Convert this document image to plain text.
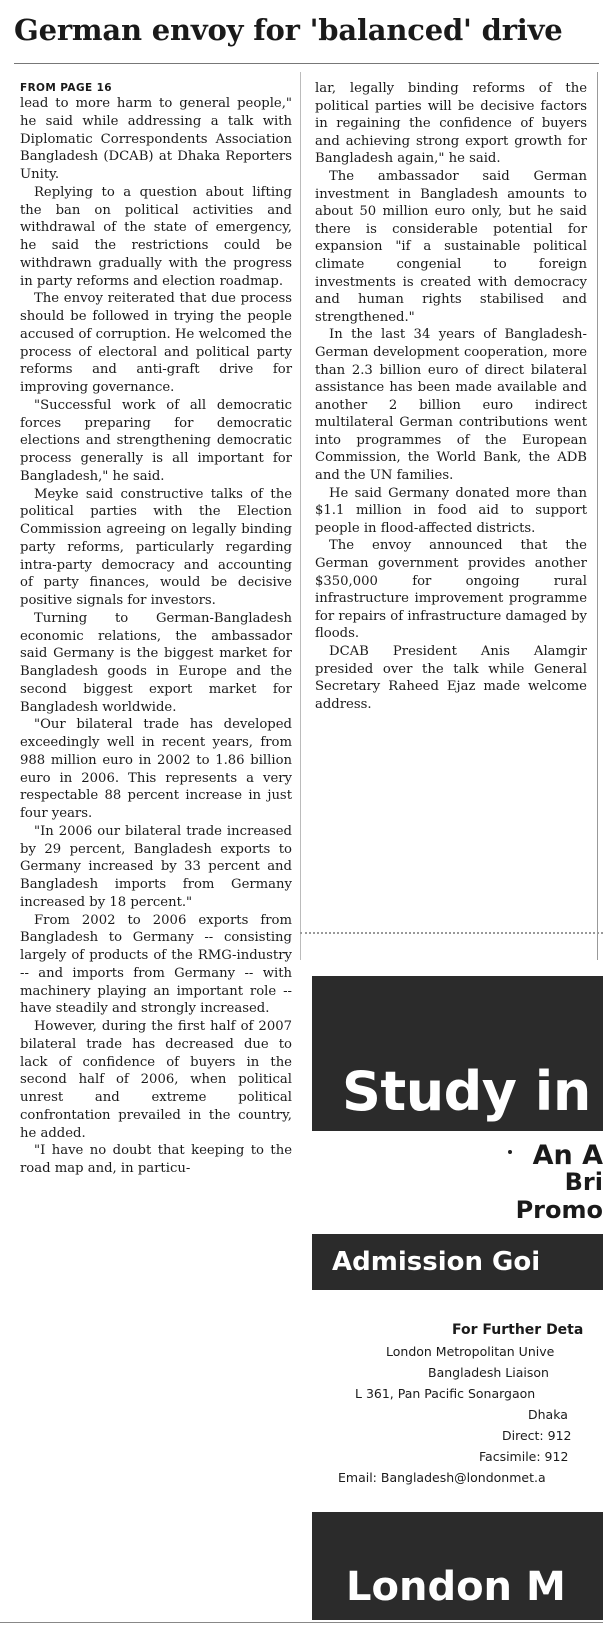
German envoy for 'balanced' drive
FROM PAGE 16

lead to more harm to general people," he said while addressing a talk with Diplomatic Correspondents Association Bangladesh (DCAB) at Dhaka Reporters Unity.

Replying to a question about lifting the ban on political activities and withdrawal of the state of emergency, he said the restrictions could be withdrawn gradually with the progress in party reforms and election roadmap.

The envoy reiterated that due process should be followed in trying the people accused of corruption. He welcomed the process of electoral and political party reforms and anti-graft drive for improving governance.

"Successful work of all democratic forces preparing for democratic elections and strengthening democratic process generally is all important for Bangladesh," he said.

Meyke said constructive talks of the political parties with the Election Commission agreeing on legally binding party reforms, particularly regarding intra-party democracy and accounting of party finances, would be decisive positive signals for investors.

Turning to German-Bangladesh economic relations, the ambassador said Germany is the biggest market for Bangladesh goods in Europe and the second biggest export market for Bangladesh worldwide.

"Our bilateral trade has developed exceedingly well in recent years, from 988 million euro in 2002 to 1.86 billion euro in 2006. This represents a very respectable 88 percent increase in just four years.

"In 2006 our bilateral trade increased by 29 percent, Bangladesh exports to Germany increased by 33 percent and Bangladesh imports from Germany increased by 18 percent."

From 2002 to 2006 exports from Bangladesh to Germany -- consisting largely of products of the RMG-industry -- and imports from Germany -- with machinery playing an important role -- have steadily and strongly increased.

However, during the first half of 2007 bilateral trade has decreased due to lack of confidence of buyers in the second half of 2006, when political unrest and extreme political confrontation prevailed in the country, he added.

"I have no doubt that keeping to the road map and, in particu-

lar, legally binding reforms of the political parties will be decisive factors in regaining the confidence of buyers and achieving strong export growth for Bangladesh again," he said.

The ambassador said German investment in Bangladesh amounts to about 50 million euro only, but he said there is considerable potential for expansion "if a sustainable political climate congenial to foreign investments is created with democracy and human rights stabilised and strengthened."

In the last 34 years of Bangladesh-German development cooperation, more than 2.3 billion euro of direct bilateral assistance has been made available and another 2 billion euro indirect multilateral German contributions went into programmes of the European Commission, the World Bank, the ADB and the UN families.

He said Germany donated more than $1.1 million in food aid to support people in flood-affected districts.

The envoy announced that the German government provides another $350,000 for ongoing rural infrastructure improvement programme for repairs of infrastructure damaged by floods.

DCAB President Anis Alamgir presided over the talk while General Secretary Raheed Ejaz made welcome address.

Study in
An A
Bri
Promo
Admission Goi
For Further Deta
London Metropolitan Unive
Bangladesh Liaison
L 361, Pan Pacific Sonargaon
Dhaka
Direct: 912
Facsimile: 912
Email: Bangladesh@londonmet.a
London M
